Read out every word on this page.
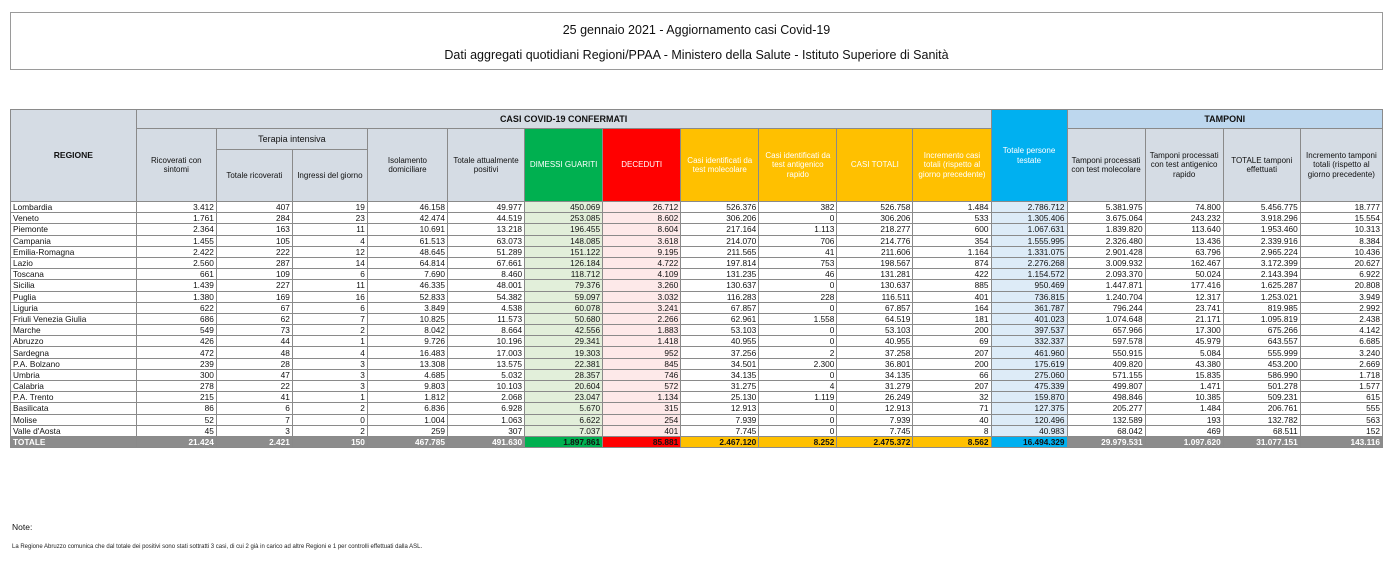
25 gennaio 2021 - Aggiornamento casi Covid-19
Dati aggregati quotidiani Regioni/PPAA - Ministero della Salute - Istituto Superiore di Sanità
REGIONE	CASI COVID-19 CONFERMATI											Totale persone testate	TAMPONI			
	Ricoverati con sintomi	Terapia intensiva		Isolamento domiciliare	Totale attualmente positivi	DIMESSI GUARITI	DECEDUTI	Casi identificati da test molecolare	Casi identificati da test antigenico rapido	CASI TOTALI	Incremento casi totali (rispetto al giorno precedente)		Tamponi processati con test molecolare	Tamponi processati con test antigenico rapido	TOTALE tamponi effettuati	Incremento tamponi totali (rispetto al giorno precedente)
		Totale ricoverati	Ingressi del giorno													
Lombardia	3.412	407	19	46.158	49.977	450.069	26.712	526.376	382	526.758	1.484	2.786.712	5.381.975	74.800	5.456.775	18.777
Veneto	1.761	284	23	42.474	44.519	253.085	8.602	306.206	0	306.206	533	1.305.406	3.675.064	243.232	3.918.296	15.554
Piemonte	2.364	163	11	10.691	13.218	196.455	8.604	217.164	1.113	218.277	600	1.067.631	1.839.820	113.640	1.953.460	10.313
Campania	1.455	105	4	61.513	63.073	148.085	3.618	214.070	706	214.776	354	1.555.995	2.326.480	13.436	2.339.916	8.384
Emilia-Romagna	2.422	222	12	48.645	51.289	151.122	9.195	211.565	41	211.606	1.164	1.331.075	2.901.428	63.796	2.965.224	10.436
Lazio	2.560	287	14	64.814	67.661	126.184	4.722	197.814	753	198.567	874	2.276.268	3.009.932	162.467	3.172.399	20.627
Toscana	661	109	6	7.690	8.460	118.712	4.109	131.235	46	131.281	422	1.154.572	2.093.370	50.024	2.143.394	6.922
Sicilia	1.439	227	11	46.335	48.001	79.376	3.260	130.637	0	130.637	885	950.469	1.447.871	177.416	1.625.287	20.808
Puglia	1.380	169	16	52.833	54.382	59.097	3.032	116.283	228	116.511	401	736.815	1.240.704	12.317	1.253.021	3.949
Liguria	622	67	6	3.849	4.538	60.078	3.241	67.857	0	67.857	164	361.787	796.244	23.741	819.985	2.992
Friuli Venezia Giulia	686	62	7	10.825	11.573	50.680	2.266	62.961	1.558	64.519	181	401.023	1.074.648	21.171	1.095.819	2.438
Marche	549	73	2	8.042	8.664	42.556	1.883	53.103	0	53.103	200	397.537	657.966	17.300	675.266	4.142
Abruzzo	426	44	1	9.726	10.196	29.341	1.418	40.955	0	40.955	69	332.337	597.578	45.979	643.557	6.685
Sardegna	472	48	4	16.483	17.003	19.303	952	37.256	2	37.258	207	461.960	550.915	5.084	555.999	3.240
P.A. Bolzano	239	28	3	13.308	13.575	22.381	845	34.501	2.300	36.801	200	175.619	409.820	43.380	453.200	2.669
Umbria	300	47	3	4.685	5.032	28.357	746	34.135	0	34.135	66	275.060	571.155	15.835	586.990	1.718
Calabria	278	22	3	9.803	10.103	20.604	572	31.275	4	31.279	207	475.339	499.807	1.471	501.278	1.577
P.A. Trento	215	41	1	1.812	2.068	23.047	1.134	25.130	1.119	26.249	32	159.870	498.846	10.385	509.231	615
Basilicata	86	6	2	6.836	6.928	5.670	315	12.913	0	12.913	71	127.375	205.277	1.484	206.761	555
Molise	52	7	0	1.004	1.063	6.622	254	7.939	0	7.939	40	120.496	132.589	193	132.782	563
Valle d'Aosta	45	3	2	259	307	7.037	401	7.745	0	7.745	8	40.983	68.042	469	68.511	152
TOTALE	21.424	2.421	150	467.785	491.630	1.897.861	85.881	2.467.120	8.252	2.475.372	8.562	16.494.329	29.979.531	1.097.620	31.077.151	143.116
Note:
La Regione Abruzzo comunica che dal totale dei positivi sono stati sottratti 3 casi, di cui 2 già in carico ad altre Regioni e 1 per controlli effettuati dalla ASL.
